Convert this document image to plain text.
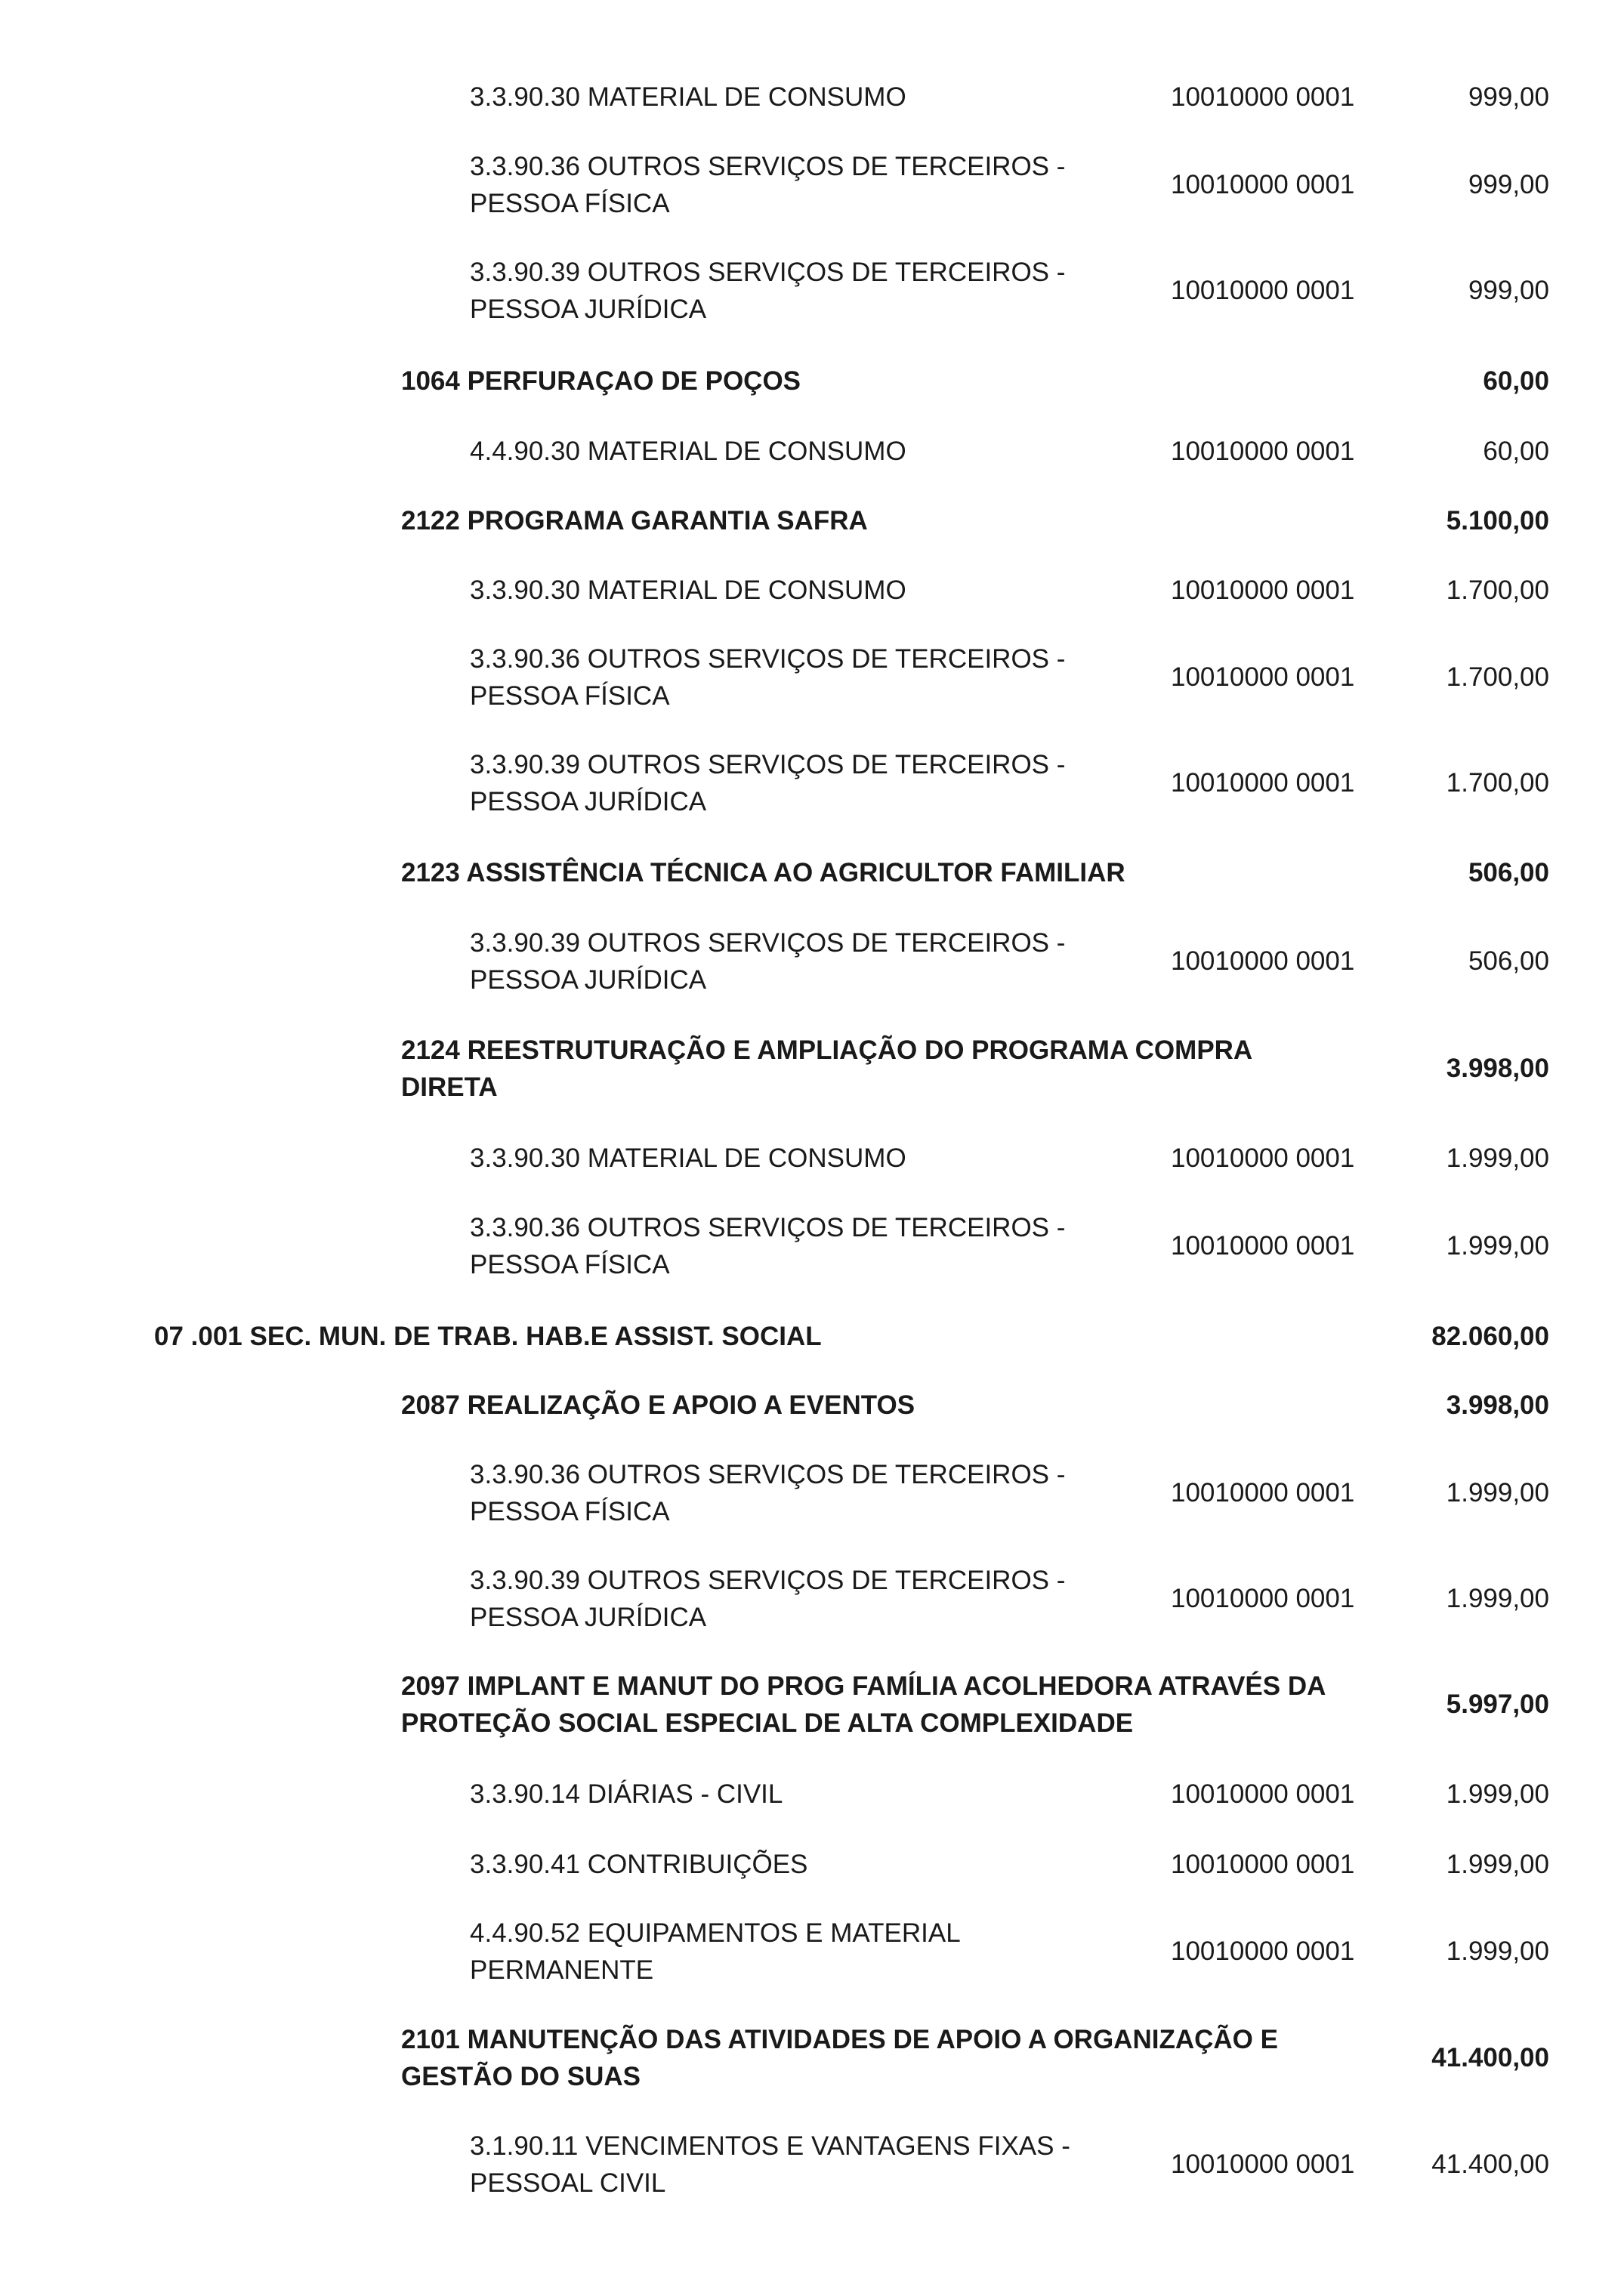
3.3.90.30 MATERIAL DE CONSUMO	10010000 0001	999,00
3.3.90.36 OUTROS SERVIÇOS DE TERCEIROS -
PESSOA FÍSICA
10010000 0001	999,00
3.3.90.39 OUTROS SERVIÇOS DE TERCEIROS -
PESSOA JURÍDICA
10010000 0001	999,00
1064 PERFURAÇAO DE POÇOS	60,00
4.4.90.30 MATERIAL DE CONSUMO	10010000 0001	60,00
2122 PROGRAMA GARANTIA SAFRA	5.100,00
3.3.90.30 MATERIAL DE CONSUMO	10010000 0001	1.700,00
3.3.90.36 OUTROS SERVIÇOS DE TERCEIROS -
PESSOA FÍSICA
10010000 0001	1.700,00
3.3.90.39 OUTROS SERVIÇOS DE TERCEIROS -
PESSOA JURÍDICA
10010000 0001	1.700,00
2123 ASSISTÊNCIA TÉCNICA AO AGRICULTOR FAMILIAR	506,00
3.3.90.39 OUTROS SERVIÇOS DE TERCEIROS -
PESSOA JURÍDICA
10010000 0001	506,00
2124 REESTRUTURAÇÃO E AMPLIAÇÃO DO PROGRAMA COMPRA
DIRETA
3.998,00
3.3.90.30 MATERIAL DE CONSUMO	10010000 0001	1.999,00
3.3.90.36 OUTROS SERVIÇOS DE TERCEIROS -
PESSOA FÍSICA
10010000 0001	1.999,00
07 .001 SEC. MUN. DE TRAB. HAB.E ASSIST. SOCIAL	82.060,00
2087 REALIZAÇÃO E APOIO A EVENTOS	3.998,00
3.3.90.36 OUTROS SERVIÇOS DE TERCEIROS -
PESSOA FÍSICA
10010000 0001	1.999,00
3.3.90.39 OUTROS SERVIÇOS DE TERCEIROS -
PESSOA JURÍDICA
10010000 0001	1.999,00
2097 IMPLANT E MANUT DO PROG FAMÍLIA ACOLHEDORA ATRAVÉS DA
PROTEÇÃO SOCIAL ESPECIAL DE ALTA COMPLEXIDADE
5.997,00
3.3.90.14 DIÁRIAS - CIVIL	10010000 0001	1.999,00
3.3.90.41 CONTRIBUIÇÕES	10010000 0001	1.999,00
4.4.90.52 EQUIPAMENTOS E MATERIAL
PERMANENTE
10010000 0001	1.999,00
2101 MANUTENÇÃO DAS ATIVIDADES DE APOIO A ORGANIZAÇÃO E
GESTÃO DO SUAS
41.400,00
3.1.90.11 VENCIMENTOS E VANTAGENS FIXAS -
PESSOAL CIVIL
10010000 0001	41.400,00
